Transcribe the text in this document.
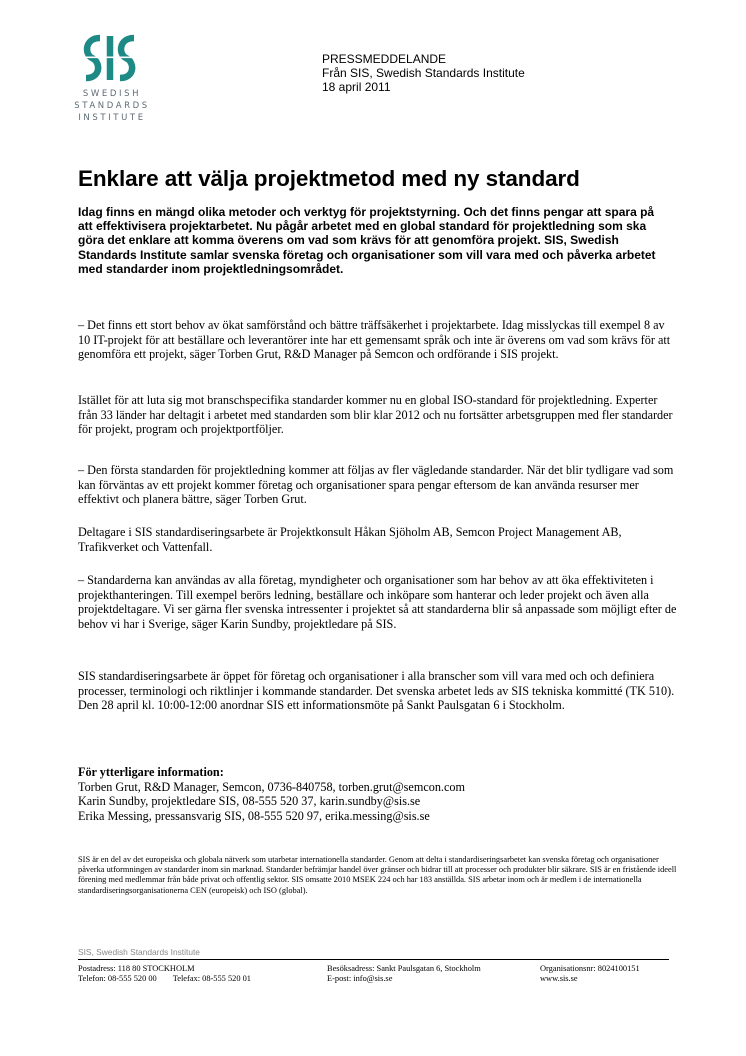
SWEDISH
STANDARDS
INSTITUTE
PRESSMEDDELANDE
Från SIS, Swedish Standards Institute
18 april 2011
Enklare att välja projektmetod med ny standard

Idag finns en mängd olika metoder och verktyg för projektstyrning. Och det finns pengar att spara på att effektivisera projektarbetet. Nu pågår arbetet med en global standard för projektledning som ska göra det enklare att komma överens om vad som krävs för att genomföra projekt. SIS, Swedish Standards Institute samlar svenska företag och organisationer som vill vara med och påverka arbetet med standarder inom projektledningsområdet.

– Det finns ett stort behov av ökat samförstånd och bättre träffsäkerhet i projektarbete. Idag misslyckas till exempel 8 av 10 IT-projekt för att beställare och leverantörer inte har ett gemensamt språk och inte är överens om vad som krävs för att genomföra ett projekt, säger Torben Grut, R&D Manager på Semcon och ordförande i SIS projekt.

Istället för att luta sig mot branschspecifika standarder kommer nu en global ISO-standard för projektledning. Experter från 33 länder har deltagit i arbetet med standarden som blir klar 2012 och nu fortsätter arbetsgruppen med fler standarder för projekt, program och projektportföljer.

– Den första standarden för projektledning kommer att följas av fler vägledande standarder. När det blir tydligare vad som kan förväntas av ett projekt kommer företag och organisationer spara pengar eftersom de kan använda resurser mer effektivt och planera bättre, säger Torben Grut.

Deltagare i SIS standardiseringsarbete är Projektkonsult Håkan Sjöholm AB, Semcon Project Management AB, Trafikverket och Vattenfall.

– Standarderna kan användas av alla företag, myndigheter och organisationer som har behov av att öka effektiviteten i projekthanteringen. Till exempel berörs ledning, beställare och inköpare som hanterar och leder projekt och även alla projektdeltagare. Vi ser gärna fler svenska intressenter i projektet så att standarderna blir så anpassade som möjligt efter de behov vi har i Sverige, säger Karin Sundby, projektledare på SIS.

SIS standardiseringsarbete är öppet för företag och organisationer i alla branscher som vill vara med och och definiera processer, terminologi och riktlinjer i kommande standarder. Det svenska arbetet leds av SIS tekniska kommitté (TK 510). Den 28 april kl. 10:00-12:00 anordnar SIS ett informationsmöte på Sankt Paulsgatan 6 i Stockholm.

För ytterligare information:
Torben Grut, R&D Manager, Semcon, 0736-840758, torben.grut@semcon.com
Karin Sundby, projektledare SIS, 08-555 520 37, karin.sundby@sis.se
Erika Messing, pressansvarig SIS, 08-555 520 97, erika.messing@sis.se

SIS är en del av det europeiska och globala nätverk som utarbetar internationella standarder. Genom att delta i standardiseringsarbetet kan svenska företag och organisationer påverka utformningen av standarder inom sin marknad. Standarder befrämjar handel över gränser och bidrar till att processer och produkter blir säkrare. SIS är en fristående ideell förening med medlemmar från både privat och offentlig sektor. SIS omsatte 2010 MSEK 224 och har 183 anställda. SIS arbetar inom och är medlem i de internationella standardiseringsorganisationerna CEN (europeisk) och ISO (global).

SIS, Swedish Standards Institute
Postadress: 118 80 STOCKHOLM
Telefon: 08-555 520 00 Telefax: 08-555 520 01
Besöksadress: Sankt Paulsgatan 6, Stockholm
E-post: info@sis.se
Organisationsnr: 8024100151
www.sis.se
